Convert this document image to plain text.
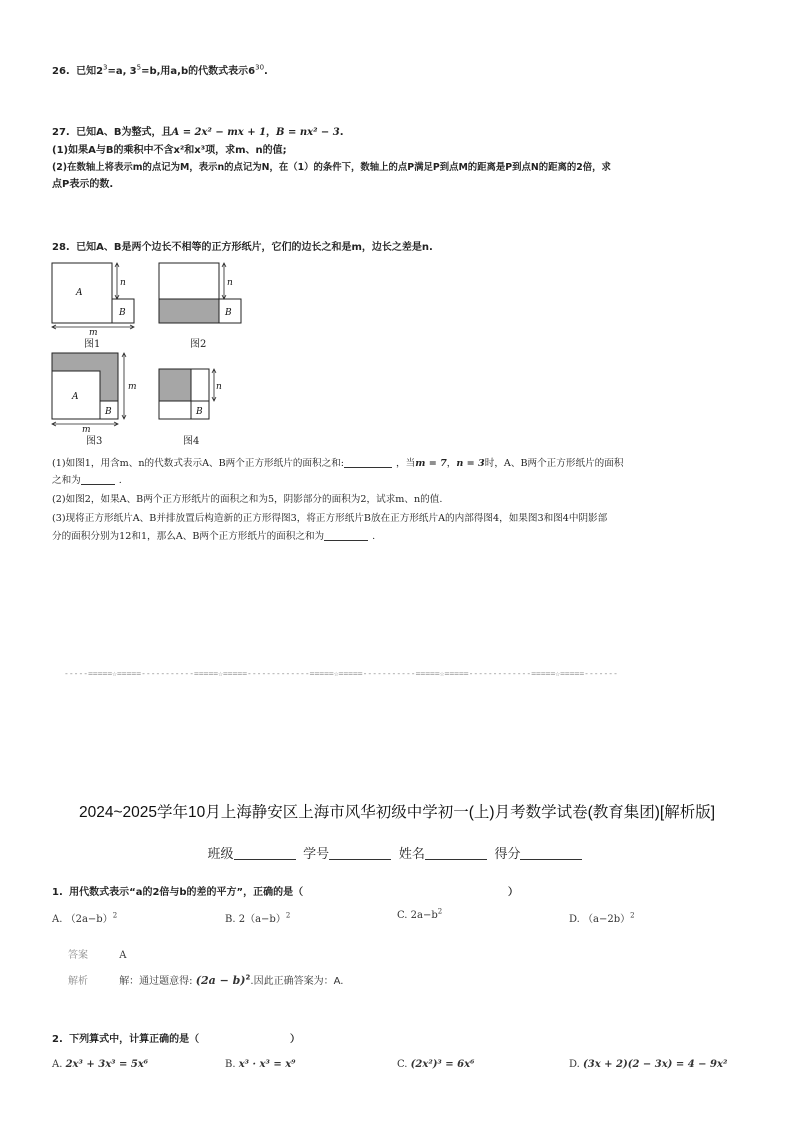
26. 已知$2^3=a$, $3^5=b$,用a,b的代数式表示$6^{30}$.
27. 已知A、B为整式，且A = 2x² − mx + 1，B = nx² − 3.
(1)如果A与B的乘积中不含x²和x³项，求m、n的值;
(2)在数轴上将表示m的点记为M，表示n的点记为N，在（1）的条件下，数轴上的点P满足P到点M的距离是P到点N的距离的2倍，求
点P表示的数.
28. 已知A、B是两个边长不相等的正方形纸片，它们的边长之和是m，边长之差是n.
A
B
n
m
图1
B
n
图2
A
B
m
m
图3
B
n
图4
(1)如图1，用含m、n的代数式表示A、B两个正方形纸片的面积之和:	，当m = 7，n = 3时，A、B两个正方形纸片的面积
之和为	.
(2)如图2，如果A、B两个正方形纸片的面积之和为5，阴影部分的面积为2，试求m、n的值.
(3)现将正方形纸片A、B并排放置后构造新的正方形得图3，将正方形纸片B放在正方形纸片A的内部得图4，如果图3和图4中阴影部
分的面积分别为12和1，那么A、B两个正方形纸片的面积之和为	.
-----=====☆=====-----------=====☆=====-------------=====☆=====-----------=====☆=====-------------=====☆=====-------
2024~2025学年10月上海静安区上海市风华初级中学初一(上)月考数学试卷(教育集团)[解析版]
班级	学号	姓名	得分
1. 用代数式表示“a的2倍与b的差的平方”，正确的是（	）
A. $(2a-b)^2$	B. $2(a-b)^2$	C. $2a-b^2$
D. $(a-2b)^2$
答案	A
解析	解：通过题意得: $(2a - b)^2$.因此正确答案为：A.
2. 下列算式中，计算正确的是（	）
A. 2x³ + 3x³ = 5x⁶	B. x³ · x³ = x⁹	C. (2x²)³ = 6x⁶	D. (3x + 2)(2 − 3x) = 4 − 9x²
